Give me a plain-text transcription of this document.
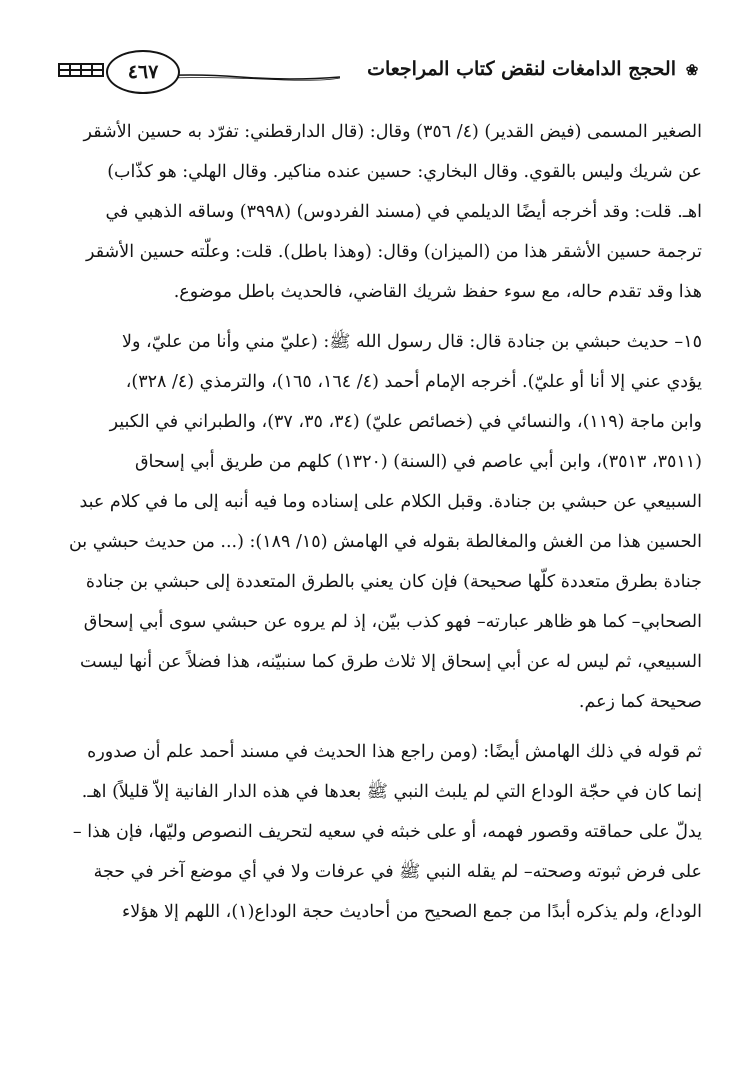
❀
الحجج الدامغات لنقض كتاب المراجعات
٤٦٧
الصغير المسمى (فيض القدير) (٤/ ٣٥٦) وقال: (قال الدارقطني: تفرّد به حسين الأشقر
عن شريك وليس بالقوي. وقال البخاري: حسين عنده مناكير. وقال الهلي: هو كذّاب)
اهـ. قلت: وقد أخرجه أيضًا الديلمي في (مسند الفردوس) (٣٩٩٨) وساقه الذهبي في
ترجمة حسين الأشقر هذا من (الميزان) وقال: (وهذا باطل). قلت: وعلّته حسين الأشقر
هذا وقد تقدم حاله، مع سوء حفظ شريك القاضي، فالحديث باطل موضوع.
١٥– حديث حبشي بن جنادة قال: قال رسول الله ﷺ: (عليّ مني وأنا من عليّ، ولا
يؤدي عني إلا أنا أو عليّ). أخرجه الإمام أحمد (٤/ ١٦٤، ١٦٥)، والترمذي (٤/ ٣٢٨)،
وابن ماجة (١١٩)، والنسائي في (خصائص عليّ) (٣٤، ٣٥، ٣٧)، والطبراني في الكبير
(٣٥١١، ٣٥١٣)، وابن أبي عاصم في (السنة) (١٣٢٠) كلهم من طريق أبي إسحاق
السبيعي عن حبشي بن جنادة. وقبل الكلام على إسناده وما فيه أنبه إلى ما في كلام عبد
الحسين هذا من الغش والمغالطة بقوله في الهامش (١٥/ ١٨٩): (... من حديث حبشي بن
جنادة بطرق متعددة كلّها صحيحة) فإن كان يعني بالطرق المتعددة إلى حبشي بن جنادة
الصحابي– كما هو ظاهر عبارته– فهو كذب بيّن، إذ لم يروه عن حبشي سوى أبي إسحاق
السبيعي، ثم ليس له عن أبي إسحاق إلا ثلاث طرق كما سنبيّنه، هذا فضلاً عن أنها ليست
صحيحة كما زعم.
ثم قوله في ذلك الهامش أيضًا: (ومن راجع هذا الحديث في مسند أحمد علم أن صدوره
إنما كان في حجّة الوداع التي لم يلبث النبي ﷺ بعدها في هذه الدار الفانية إلاّ قليلاً) اهـ.
يدلّ على حماقته وقصور فهمه، أو على خبثه في سعيه لتحريف النصوص وليّها، فإن هذا –
على فرض ثبوته وصحته– لم يقله النبي ﷺ في عرفات ولا في أي موضع آخر في حجة
الوداع، ولم يذكره أبدًا من جمع الصحيح من أحاديث حجة الوداع(١)، اللهم إلا هؤلاء
